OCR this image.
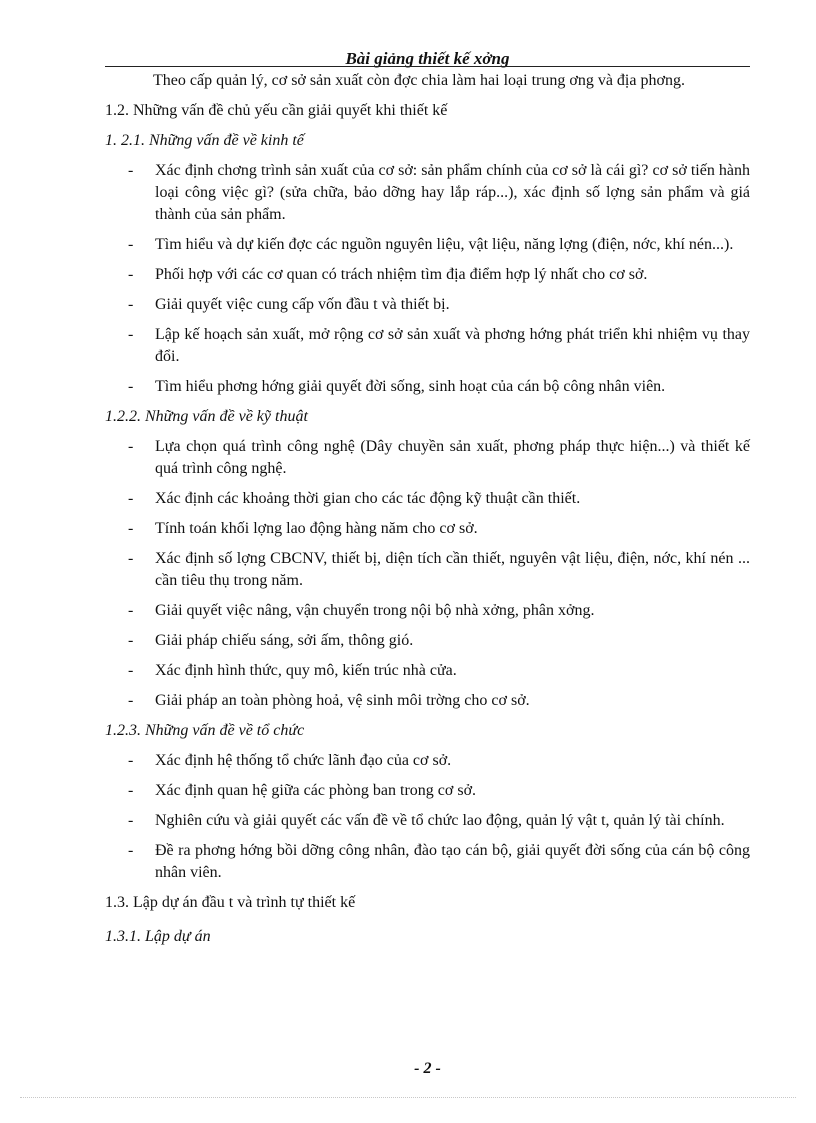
Bài giảng thiết kế xởng

Theo cấp quản lý, cơ sở sản xuất còn đợc chia làm hai loại trung ơng và địa phơng.

1.2. Những vấn đề chủ yếu cần giải quyết khi thiết kế

1. 2.1. Những vấn đề về kinh tế

- Xác định chơng trình sản xuất của cơ sở: sản phẩm chính của cơ sở là cái gì? cơ sở tiến hành loại công việc gì? (sửa chữa, bảo dỡng hay lắp ráp...), xác định số lợng sản phẩm và giá thành của sản phẩm.
- Tìm hiểu và dự kiến đợc các nguồn nguyên liệu, vật liệu, năng lợng (điện, nớc, khí nén...).
- Phối hợp với các cơ quan có trách nhiệm tìm địa điểm hợp lý nhất cho cơ sở.
- Giải quyết việc cung cấp vốn đầu t và thiết bị.
- Lập kế hoạch sản xuất, mở rộng cơ sở sản xuất và phơng hớng phát triển khi nhiệm vụ thay đổi.
- Tìm hiểu phơng hớng giải quyết đời sống, sinh hoạt của cán bộ công nhân viên.

1.2.2. Những vấn đề về kỹ thuật

- Lựa chọn quá trình công nghệ (Dây chuyền sản xuất, phơng pháp thực hiện...) và thiết kế quá trình công nghệ.
- Xác định các khoảng thời gian cho các tác động kỹ thuật cần thiết.
- Tính toán khối lợng lao động hàng năm cho cơ sở.
- Xác định số lợng CBCNV, thiết bị, diện tích cần thiết, nguyên vật liệu, điện, nớc, khí nén ... cần tiêu thụ trong năm.
- Giải quyết việc nâng, vận chuyển trong nội bộ nhà xởng, phân xởng.
- Giải pháp chiếu sáng, sởi ấm, thông gió.
- Xác định hình thức, quy mô, kiến trúc nhà cửa.
- Giải pháp an toàn phòng hoả, vệ sinh môi trờng cho cơ sở.

1.2.3. Những vấn đề về tổ chức

- Xác định hệ thống tổ chức lãnh đạo của cơ sở.
- Xác định quan hệ giữa các phòng ban trong cơ sở.
- Nghiên cứu và giải quyết các vấn đề về tổ chức lao động, quản lý vật t, quản lý tài chính.
- Đề ra phơng hớng bồi dỡng công nhân, đào tạo cán bộ, giải quyết đời sống của cán bộ công nhân viên.

1.3. Lập dự án đầu t và trình tự thiết kế

1.3.1. Lập dự án

- 2 -
